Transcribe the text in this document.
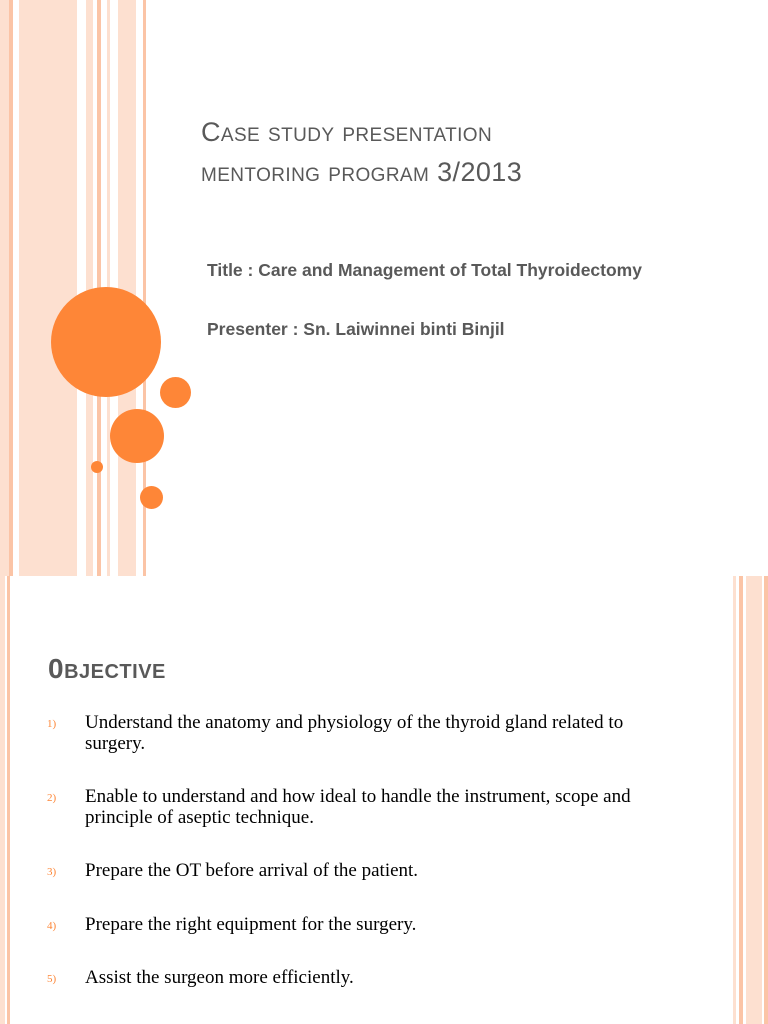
Case study presentation
mentoring program 3/2013
Title : Care and Management of Total Thyroidectomy
Presenter : Sn. Laiwinnei binti Binjil
0bjective
1) Understand the anatomy and physiology of the thyroid gland related to surgery.
2) Enable to understand and how ideal to handle the instrument, scope and principle of aseptic technique.
3) Prepare the OT before arrival of the patient.
4) Prepare the right equipment for the surgery.
5) Assist the surgeon more efficiently.
